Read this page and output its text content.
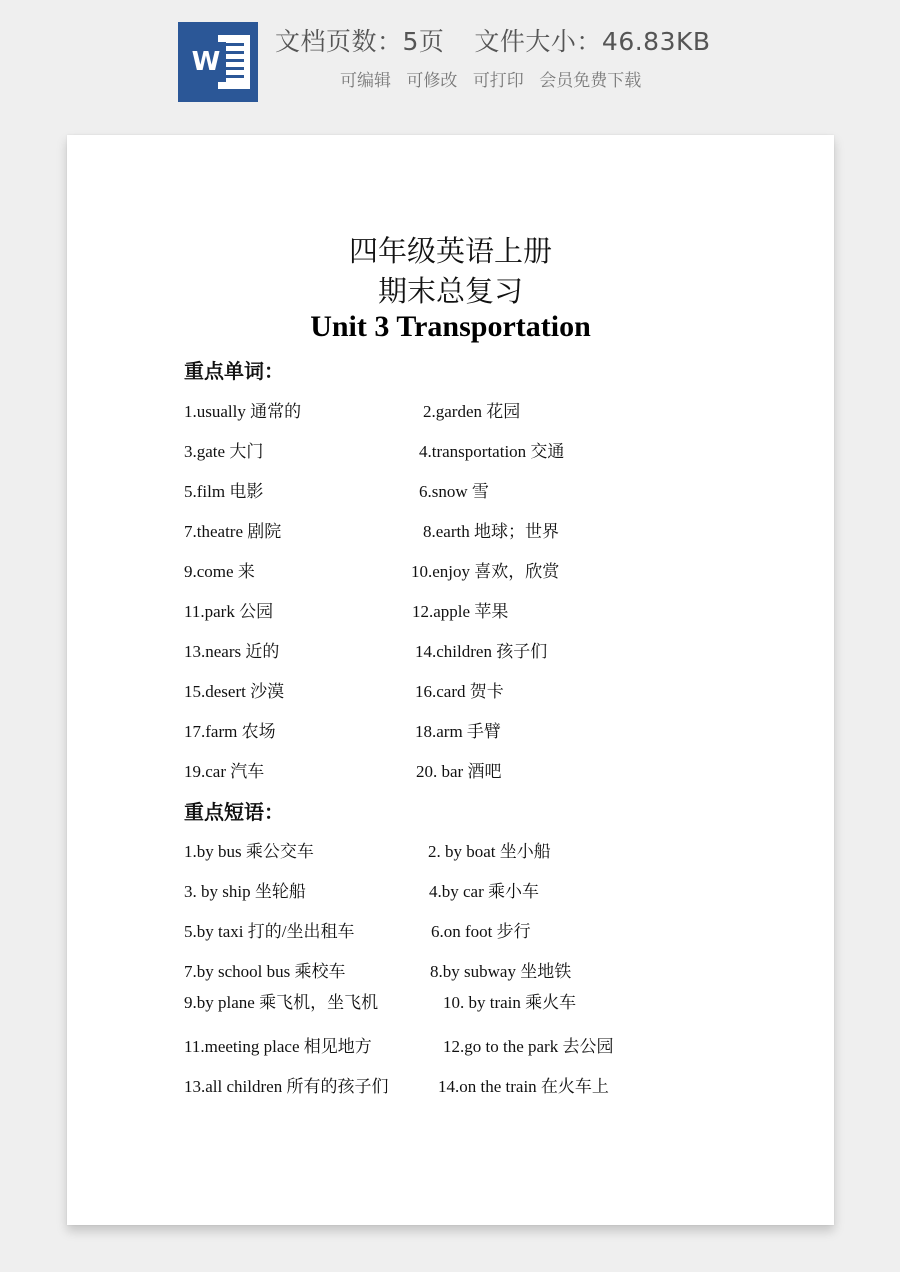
W
文档页数：5页 文件大小：46.83KB
可编辑 可修改 可打印 会员免费下载
四年级英语上册
期末总复习
Unit 3 Transportation
重点单词：
1.usually 通常的	2.garden 花园
3.gate 大门	4.transportation 交通
5.film 电影	6.snow 雪
7.theatre 剧院	8.earth 地球；世界
9.come 来	10.enjoy 喜欢，欣赏
11.park 公园	12.apple 苹果
13.nears 近的	14.children 孩子们
15.desert 沙漠	16.card 贺卡
17.farm 农场	18.arm 手臂
19.car 汽车	20. bar 酒吧
重点短语：
1.by bus 乘公交车	2. by boat 坐小船
3. by ship 坐轮船	4.by car 乘小车
5.by taxi 打的/坐出租车	6.on foot 步行
7.by school bus 乘校车	8.by subway 坐地铁
9.by plane 乘飞机，坐飞机	10. by train 乘火车
11.meeting place 相见地方	12.go to the park 去公园
13.all children 所有的孩子们	14.on the train 在火车上
